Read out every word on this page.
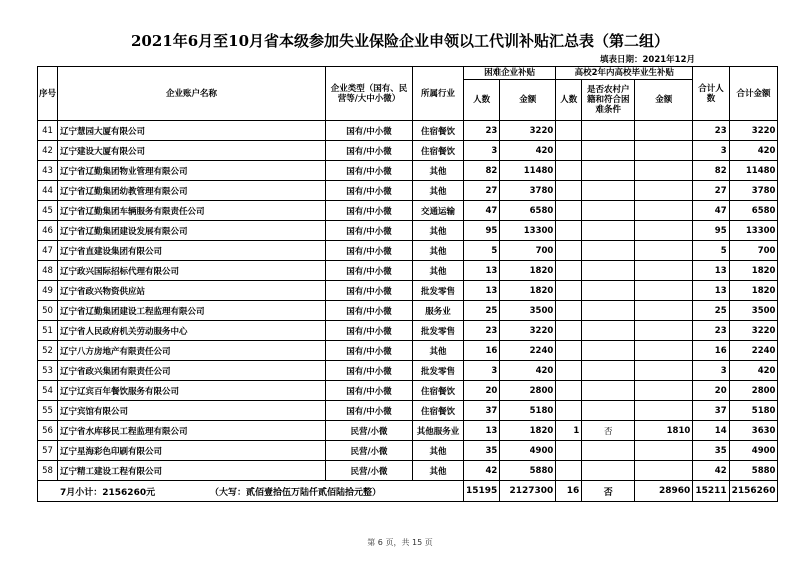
2021年6月至10月省本级参加失业保险企业申领以工代训补贴汇总表（第二组）
填表日期：2021年12月
序号	企业账户名称	企业类型（国有、民营等/大中小微）	所属行业	困难企业补贴		高校2年内高校毕业生补贴			合计人数	合计金额
				人数	金额	人数	是否农村户籍和符合困难条件	金额		
41	辽宁慧园大厦有限公司	国有/中小微	住宿餐饮	23	3220				23	3220
42	辽宁建设大厦有限公司	国有/中小微	住宿餐饮	3	420				3	420
43	辽宁省辽勤集团物业管理有限公司	国有/中小微	其他	82	11480				82	11480
44	辽宁省辽勤集团幼教管理有限公司	国有/中小微	其他	27	3780				27	3780
45	辽宁省辽勤集团车辆服务有限责任公司	国有/中小微	交通运输	47	6580				47	6580
46	辽宁省辽勤集团建设发展有限公司	国有/中小微	其他	95	13300				95	13300
47	辽宁省直建设集团有限公司	国有/中小微	其他	5	700				5	700
48	辽宁政兴国际招标代理有限公司	国有/中小微	其他	13	1820				13	1820
49	辽宁省政兴物资供应站	国有/中小微	批发零售	13	1820				13	1820
50	辽宁省辽勤集团建设工程监理有限公司	国有/中小微	服务业	25	3500				25	3500
51	辽宁省人民政府机关劳动服务中心	国有/中小微	批发零售	23	3220				23	3220
52	辽宁八方房地产有限责任公司	国有/中小微	其他	16	2240				16	2240
53	辽宁省政兴集团有限责任公司	国有/中小微	批发零售	3	420				3	420
54	辽宁辽宾百年餐饮服务有限公司	国有/中小微	住宿餐饮	20	2800				20	2800
55	辽宁宾馆有限公司	国有/中小微	住宿餐饮	37	5180				37	5180
56	辽宁省水库移民工程监理有限公司	民营/小微	其他服务业	13	1820	1	否	1810	14	3630
57	辽宁星海彩色印刷有限公司	民营/小微	其他	35	4900				35	4900
58	辽宁精工建设工程有限公司	民营/小微	其他	42	5880				42	5880
7月小计：2156260元 （大写：贰佰壹拾伍万陆仟贰佰陆拾元整）				15195	2127300	16	否	28960	15211	2156260
第 6 页，共 15 页
